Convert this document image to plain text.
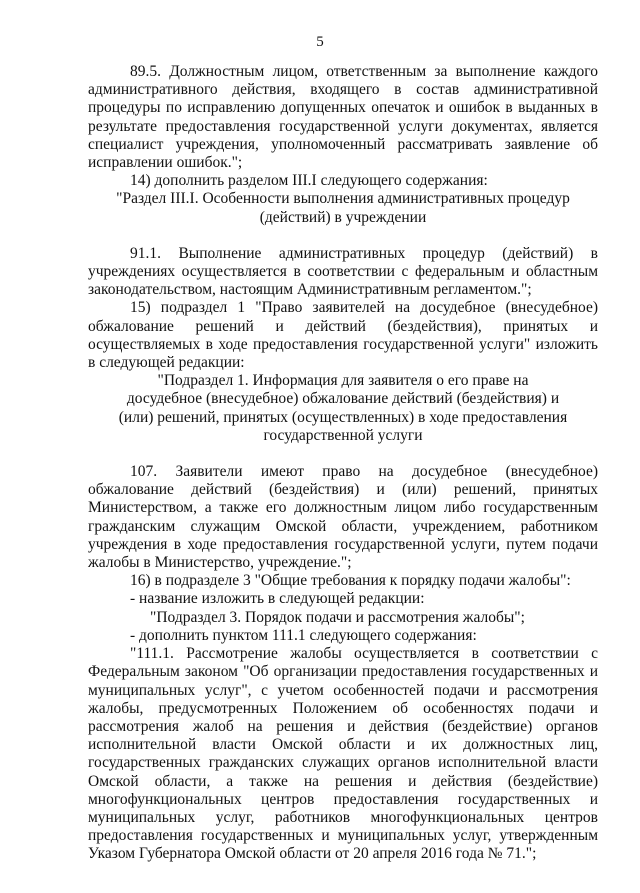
5

89.5. Должностным лицом, ответственным за выполнение каждого административного действия, входящего в состав административной процедуры по исправлению допущенных опечаток и ошибок в выданных в результате предоставления государственной услуги документах, является специалист учреждения, уполномоченный рассматривать заявление об исправлении ошибок.";

14) дополнить разделом III.I следующего содержания:

"Раздел III.I. Особенности выполнения административных процедур (действий) в учреждении

91.1. Выполнение административных процедур (действий) в учреждениях осуществляется в соответствии с федеральным и областным законодательством, настоящим Административным регламентом.";

15) подраздел 1 "Право заявителей на досудебное (внесудебное) обжалование решений и действий (бездействия), принятых и осуществляемых в ходе предоставления государственной услуги" изложить в следующей редакции:

"Подраздел 1. Информация для заявителя о его праве на досудебное (внесудебное) обжалование действий (бездействия) и (или) решений, принятых (осуществленных) в ходе предоставления государственной услуги

107. Заявители имеют право на досудебное (внесудебное) обжалование действий (бездействия) и (или) решений, принятых Министерством, а также его должностным лицом либо государственным гражданским служащим Омской области, учреждением, работником учреждения в ходе предоставления государственной услуги, путем подачи жалобы в Министерство, учреждение.";

16) в подразделе 3 "Общие требования к порядку подачи жалобы":

- название изложить в следующей редакции:

"Подраздел 3. Порядок подачи и рассмотрения жалобы";

- дополнить пунктом 111.1 следующего содержания:

"111.1. Рассмотрение жалобы осуществляется в соответствии с Федеральным законом "Об организации предоставления государственных и муниципальных услуг", с учетом особенностей подачи и рассмотрения жалобы, предусмотренных Положением об особенностях подачи и рассмотрения жалоб на решения и действия (бездействие) органов исполнительной власти Омской области и их должностных лиц, государственных гражданских служащих органов исполнительной власти Омской области, а также на решения и действия (бездействие) многофункциональных центров предоставления государственных и муниципальных услуг, работников многофункциональных центров предоставления государственных и муниципальных услуг, утвержденным Указом Губернатора Омской области от 20 апреля 2016 года № 71.";
